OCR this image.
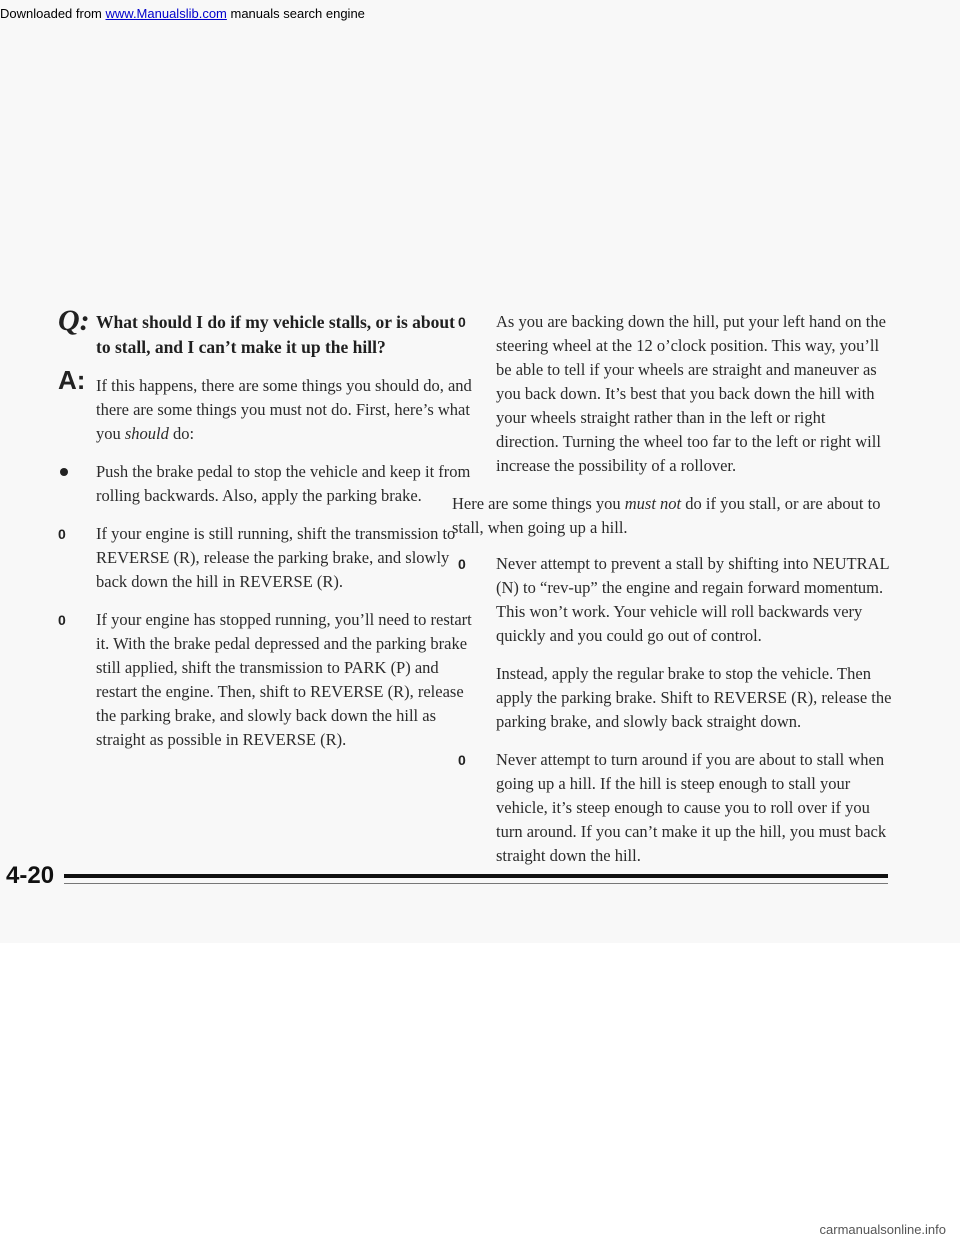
Q: What should I do if my vehicle stalls, or is about to stall, and I can’t make it up the hill?
A: If this happens, there are some things you should do, and there are some things you must not do. First, here’s what you should do:
Push the brake pedal to stop the vehicle and keep it from rolling backwards. Also, apply the parking brake.
0 If your engine is still running, shift the transmission to REVERSE (R), release the parking brake, and slowly back down the hill in REVERSE (R).
0 If your engine has stopped running, you’ll need to restart it. With the brake pedal depressed and the parking brake still applied, shift the transmission to PARK (P) and restart the engine. Then, shift to REVERSE (R), release the parking brake, and slowly back down the hill as straight as possible in REVERSE (R).
0 As you are backing down the hill, put your left hand on the steering wheel at the 12 o’clock position. This way, you’ll be able to tell if your wheels are straight and maneuver as you back down. It’s best that you back down the hill with your wheels straight rather than in the left or right direction. Turning the wheel too far to the left or right will increase the possibility of a rollover.
Here are some things you must not do if you stall, or are about to stall, when going up a hill.
0 Never attempt to prevent a stall by shifting into NEUTRAL (N) to “rev-up” the engine and regain forward momentum. This won’t work. Your vehicle will roll backwards very quickly and you could go out of control.
Instead, apply the regular brake to stop the vehicle. Then apply the parking brake. Shift to REVERSE (R), release the parking brake, and slowly back straight down.
0 Never attempt to turn around if you are about to stall when going up a hill. If the hill is steep enough to stall your vehicle, it’s steep enough to cause you to roll over if you turn around. If you can’t make it up the hill, you must back straight down the hill.
4-20
Downloaded from www.Manualslib.com manuals search engine
carmanualsonline.info
